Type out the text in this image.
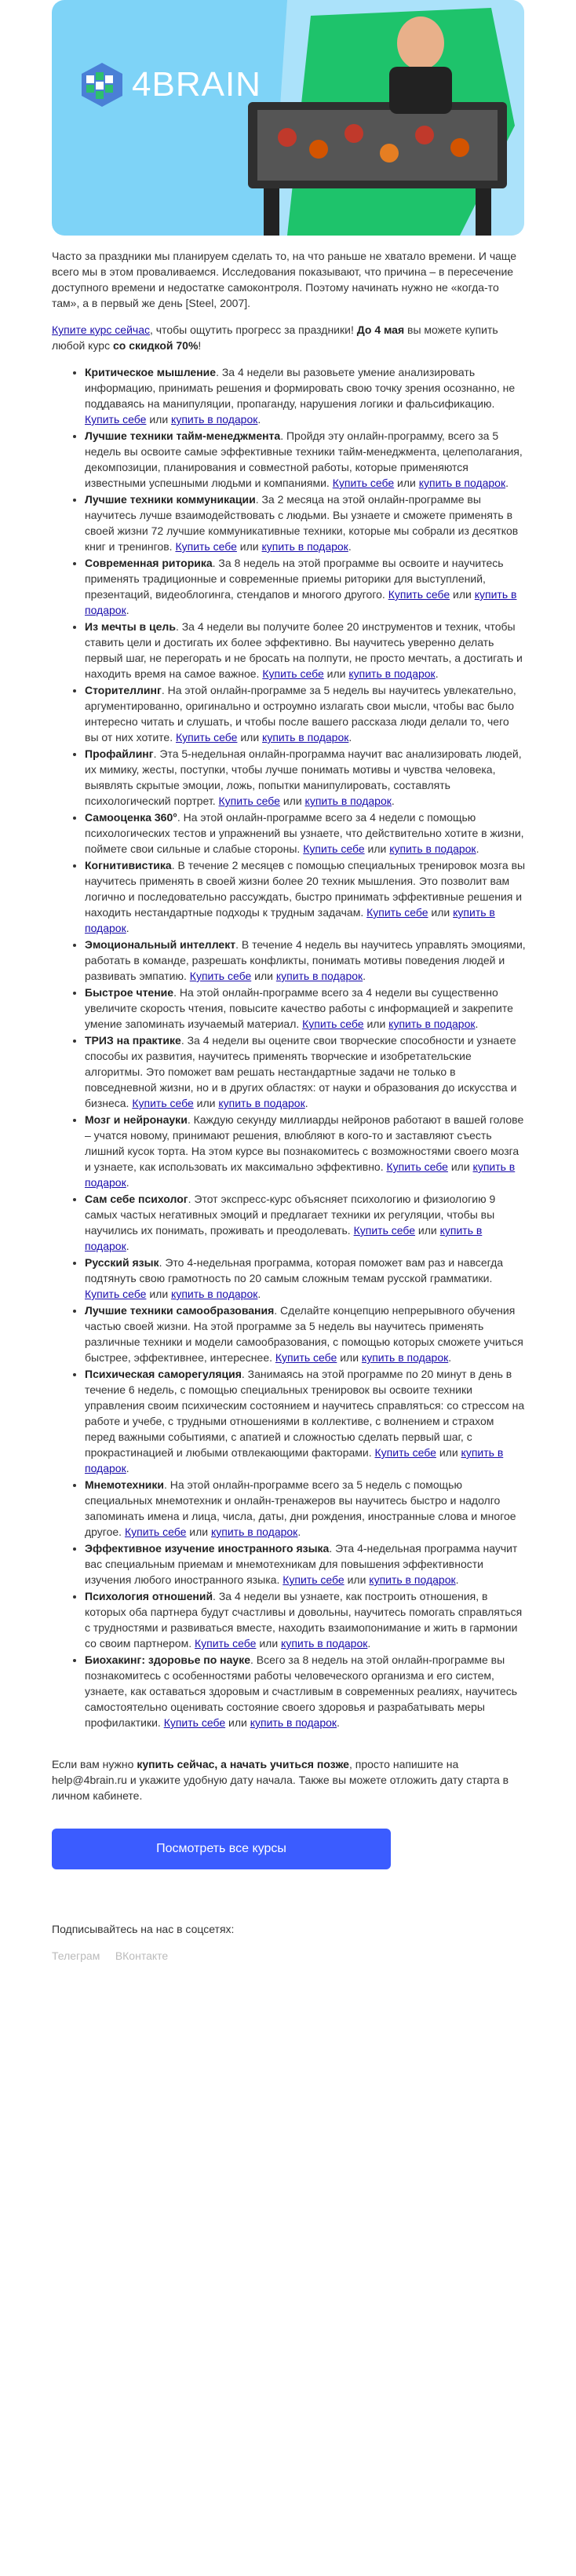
4BRAIN

Часто за праздники мы планируем сделать то, на что раньше не хватало времени. И чаще всего мы в этом проваливаемся. Исследования показывают, что причина – в пересечение доступного времени и недостатке самоконтроля. Поэтому начинать нужно не «когда-то там», а в первый же день [Steel, 2007].

Купите курс сейчас, чтобы ощутить прогресс за праздники! До 4 мая вы можете купить любой курс со скидкой 70%!

• Критическое мышление. За 4 недели вы разовьете умение анализировать информацию, принимать решения и формировать свою точку зрения осознанно, не поддаваясь на манипуляции, пропаганду, нарушения логики и фальсификацию. Купить себе или купить в подарок.
• Лучшие техники тайм-менеджмента. Пройдя эту онлайн-программу, всего за 5 недель вы освоите самые эффективные техники тайм-менеджмента, целеполагания, декомпозиции, планирования и совместной работы, которые применяются известными успешными людьми и компаниями. Купить себе или купить в подарок.
• Лучшие техники коммуникации. За 2 месяца на этой онлайн-программе вы научитесь лучше взаимодействовать с людьми. Вы узнаете и сможете применять в своей жизни 72 лучшие коммуникативные техники, которые мы собрали из десятков книг и тренингов. Купить себе или купить в подарок.
• Современная риторика. За 8 недель на этой программе вы освоите и научитесь применять традиционные и современные приемы риторики для выступлений, презентаций, видеоблогинга, стендапов и многого другого. Купить себе или купить в подарок.
• Из мечты в цель. За 4 недели вы получите более 20 инструментов и техник, чтобы ставить цели и достигать их более эффективно. Вы научитесь уверенно делать первый шаг, не перегорать и не бросать на полпути, не просто мечтать, а достигать и находить время на самое важное. Купить себе или купить в подарок.
• Сторителлинг. На этой онлайн-программе за 5 недель вы научитесь увлекательно, аргументированно, оригинально и остроумно излагать свои мысли, чтобы вас было интересно читать и слушать, и чтобы после вашего рассказа люди делали то, чего вы от них хотите. Купить себе или купить в подарок.
• Профайлинг. Эта 5-недельная онлайн-программа научит вас анализировать людей, их мимику, жесты, поступки, чтобы лучше понимать мотивы и чувства человека, выявлять скрытые эмоции, ложь, попытки манипулировать, составлять психологический портрет. Купить себе или купить в подарок.
• Самооценка 360°. На этой онлайн-программе всего за 4 недели с помощью психологических тестов и упражнений вы узнаете, что действительно хотите в жизни, поймете свои сильные и слабые стороны. Купить себе или купить в подарок.
• Когнитивистика. В течение 2 месяцев с помощью специальных тренировок мозга вы научитесь применять в своей жизни более 20 техник мышления. Это позволит вам логично и последовательно рассуждать, быстро принимать эффективные решения и находить нестандартные подходы к трудным задачам. Купить себе или купить в подарок.
• Эмоциональный интеллект. В течение 4 недель вы научитесь управлять эмоциями, работать в команде, разрешать конфликты, понимать мотивы поведения людей и развивать эмпатию. Купить себе или купить в подарок.
• Быстрое чтение. На этой онлайн-программе всего за 4 недели вы существенно увеличите скорость чтения, повысите качество работы с информацией и закрепите умение запоминать изучаемый материал. Купить себе или купить в подарок.
• ТРИЗ на практике. За 4 недели вы оцените свои творческие способности и узнаете способы их развития, научитесь применять творческие и изобретательские алгоритмы. Это поможет вам решать нестандартные задачи не только в повседневной жизни, но и в других областях: от науки и образования до искусства и бизнеса. Купить себе или купить в подарок.
• Мозг и нейронауки. Каждую секунду миллиарды нейронов работают в вашей голове – учатся новому, принимают решения, влюбляют в кого-то и заставляют съесть лишний кусок торта. На этом курсе вы познакомитесь с возможностями своего мозга и узнаете, как использовать их максимально эффективно. Купить себе или купить в подарок.
• Сам себе психолог. Этот экспресс-курс объясняет психологию и физиологию 9 самых частых негативных эмоций и предлагает техники их регуляции, чтобы вы научились их понимать, проживать и преодолевать. Купить себе или купить в подарок.
• Русский язык. Это 4-недельная программа, которая поможет вам раз и навсегда подтянуть свою грамотность по 20 самым сложным темам русской грамматики. Купить себе или купить в подарок.
• Лучшие техники самообразования. Сделайте концепцию непрерывного обучения частью своей жизни. На этой программе за 5 недель вы научитесь применять различные техники и модели самообразования, с помощью которых сможете учиться быстрее, эффективнее, интереснее. Купить себе или купить в подарок.
• Психическая саморегуляция. Занимаясь на этой программе по 20 минут в день в течение 6 недель, с помощью специальных тренировок вы освоите техники управления своим психическим состоянием и научитесь справляться: со стрессом на работе и учебе, с трудными отношениями в коллективе, с волнением и страхом перед важными событиями, с апатией и сложностью сделать первый шаг, с прокрастинацией и любыми отвлекающими факторами. Купить себе или купить в подарок.
• Мнемотехники. На этой онлайн-программе всего за 5 недель с помощью специальных мнемотехник и онлайн-тренажеров вы научитесь быстро и надолго запоминать имена и лица, числа, даты, дни рождения, иностранные слова и многое другое. Купить себе или купить в подарок.
• Эффективное изучение иностранного языка. Эта 4-недельная программа научит вас специальным приемам и мнемотехникам для повышения эффективности изучения любого иностранного языка. Купить себе или купить в подарок.
• Психология отношений. За 4 недели вы узнаете, как построить отношения, в которых оба партнера будут счастливы и довольны, научитесь помогать справляться с трудностями и развиваться вместе, находить взаимопонимание и жить в гармонии со своим партнером. Купить себе или купить в подарок.
• Биохакинг: здоровье по науке. Всего за 8 недель на этой онлайн-программе вы познакомитесь с особенностями работы человеческого организма и его систем, узнаете, как оставаться здоровым и счастливым в современных реалиях, научитесь самостоятельно оценивать состояние своего здоровья и разрабатывать меры профилактики. Купить себе или купить в подарок.

Если вам нужно купить сейчас, а начать учиться позже, просто напишите на help@4brain.ru и укажите удобную дату начала. Также вы можете отложить дату старта в личном кабинете.

Посмотреть все курсы

Подписывайтесь на нас в соцсетях:

Телеграм ВКонтакте
